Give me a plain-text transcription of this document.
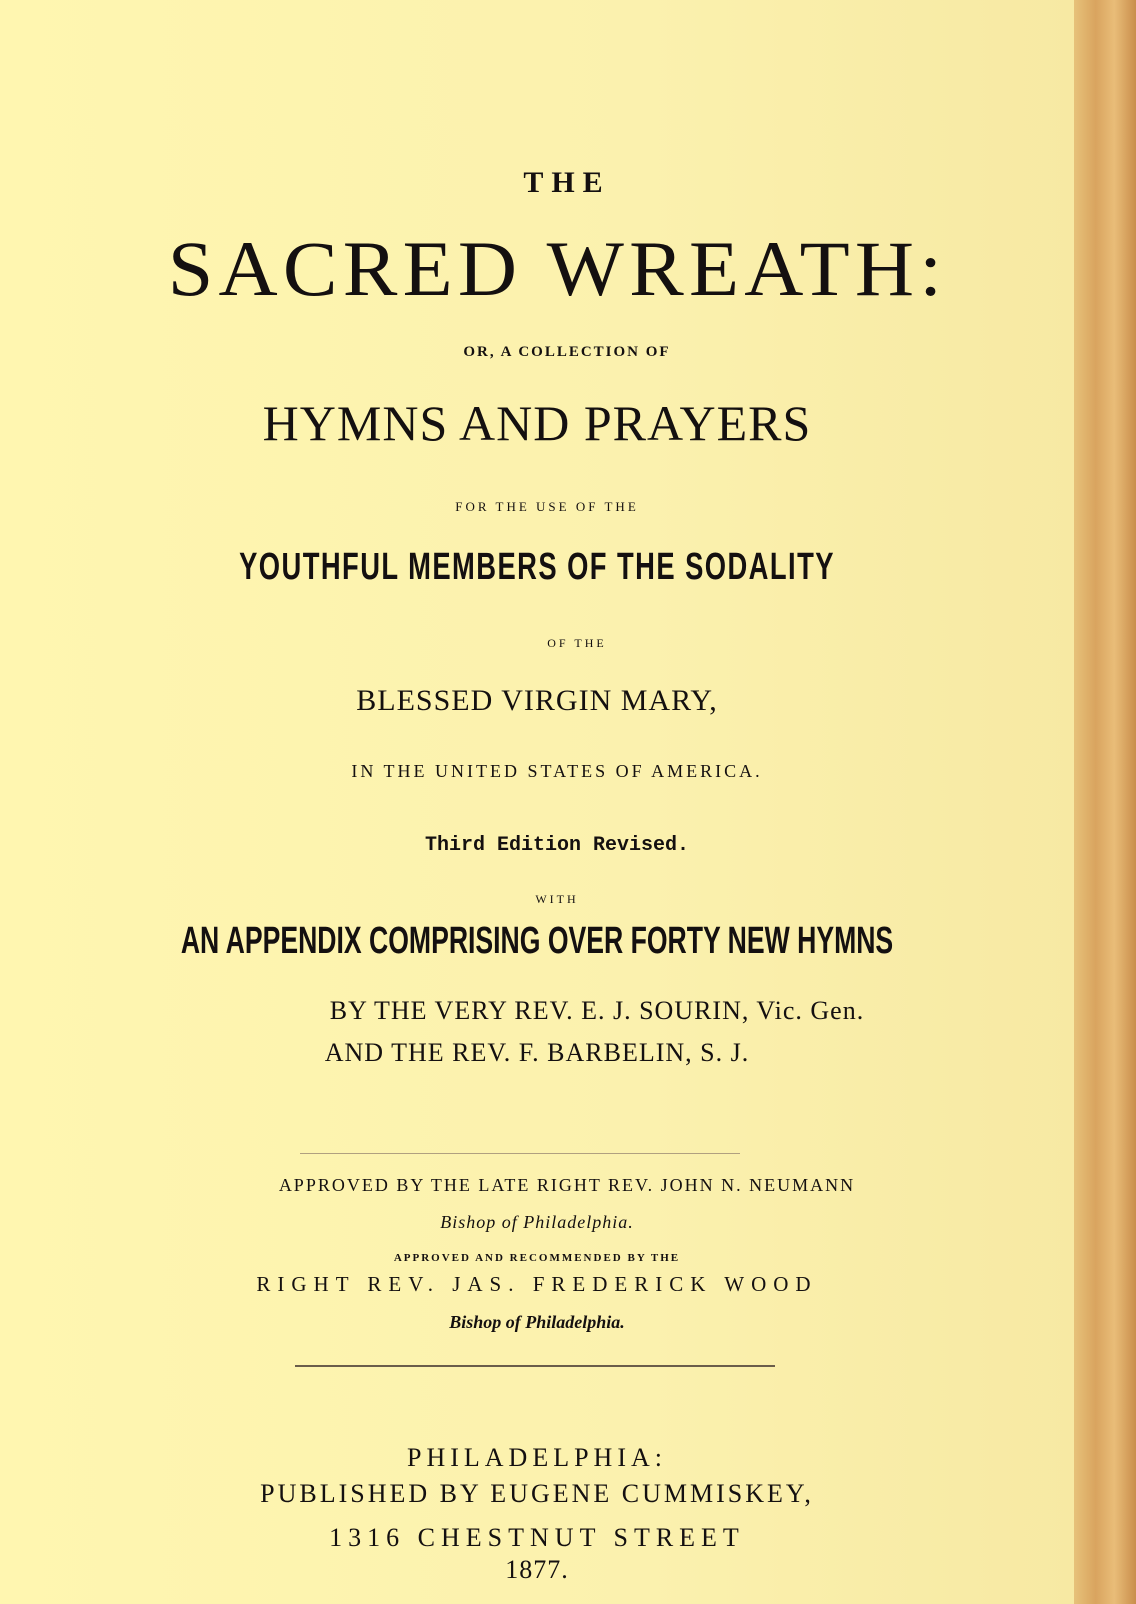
THE

SACRED WREATH:

OR, A COLLECTION OF

HYMNS AND PRAYERS

FOR THE USE OF THE

YOUTHFUL MEMBERS OF THE SODALITY

OF THE

BLESSED VIRGIN MARY,

IN THE UNITED STATES OF AMERICA.

Third Edition Revised.

WITH

AN APPENDIX COMPRISING OVER FORTY NEW HYMNS

BY THE VERY REV. E. J. SOURIN, Vic. Gen.

AND THE REV. F. BARBELIN, S. J.

APPROVED BY THE LATE RIGHT REV. JOHN N. NEUMANN

Bishop of Philadelphia.

APPROVED AND RECOMMENDED BY THE

RIGHT REV. JAS. FREDERICK WOOD

Bishop of Philadelphia.

PHILADELPHIA:

PUBLISHED BY EUGENE CUMMISKEY,

1316 CHESTNUT STREET

1877.
